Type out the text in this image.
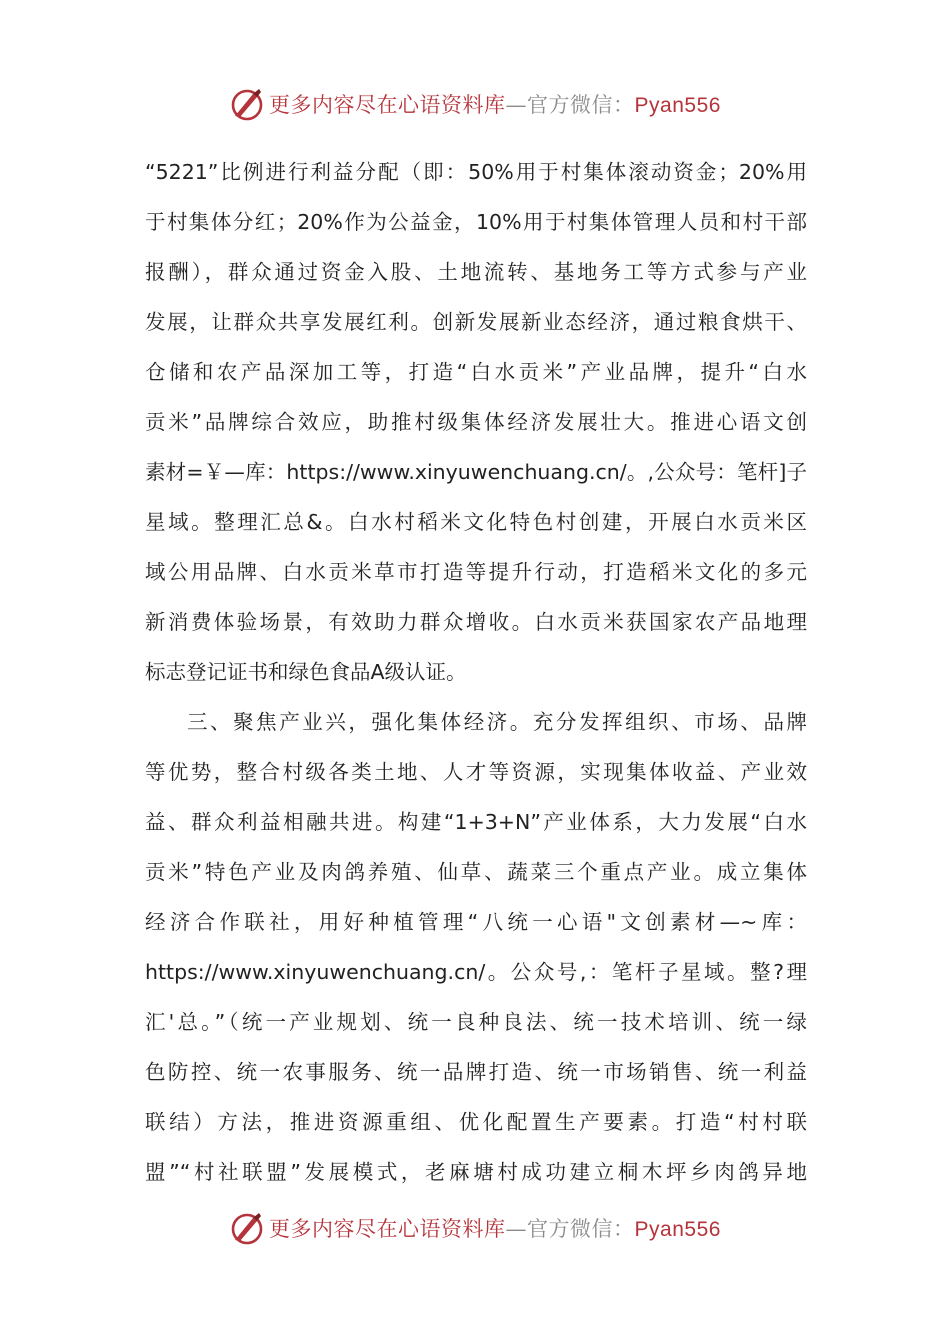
更多内容尽在心语资料库—官方微信：Pyan556
“5221”比例进行利益分配（即：50%用于村集体滚动资金；20%用
于村集体分红；20%作为公益金，10%用于村集体管理人员和村干部
报酬），群众通过资金入股、土地流转、基地务工等方式参与产业
发展，让群众共享发展红利。创新发展新业态经济，通过粮食烘干、
仓储和农产品深加工等，打造“白水贡米”产业品牌，提升“白水
贡米”品牌综合效应，助推村级集体经济发展壮大。推进心语文创
素材=￥—库：https://www.xinyuwenchuang.cn/。,公众号：笔杆]子
星域。整理汇总&。白水村稻米文化特色村创建，开展白水贡米区
域公用品牌、白水贡米草市打造等提升行动，打造稻米文化的多元
新消费体验场景，有效助力群众增收。白水贡米获国家农产品地理
标志登记证书和绿色食品A级认证。
三、聚焦产业兴，强化集体经济。充分发挥组织、市场、品牌
等优势，整合村级各类土地、人才等资源，实现集体收益、产业效
益、群众利益相融共进。构建“1+3+N”产业体系，大力发展“白水
贡米”特色产业及肉鸽养殖、仙草、蔬菜三个重点产业。成立集体
经济合作联社，用好种植管理“八统一心语"文创素材—~库：
https://www.xinyuwenchuang.cn/。公众号,：笔杆子星域。整?理
汇'总。”（统一产业规划、统一良种良法、统一技术培训、统一绿
色防控、统一农事服务、统一品牌打造、统一市场销售、统一利益
联结）方法，推进资源重组、优化配置生产要素。打造“村村联
盟”“村社联盟”发展模式，老麻塘村成功建立桐木坪乡肉鸽异地
更多内容尽在心语资料库—官方微信：Pyan556
